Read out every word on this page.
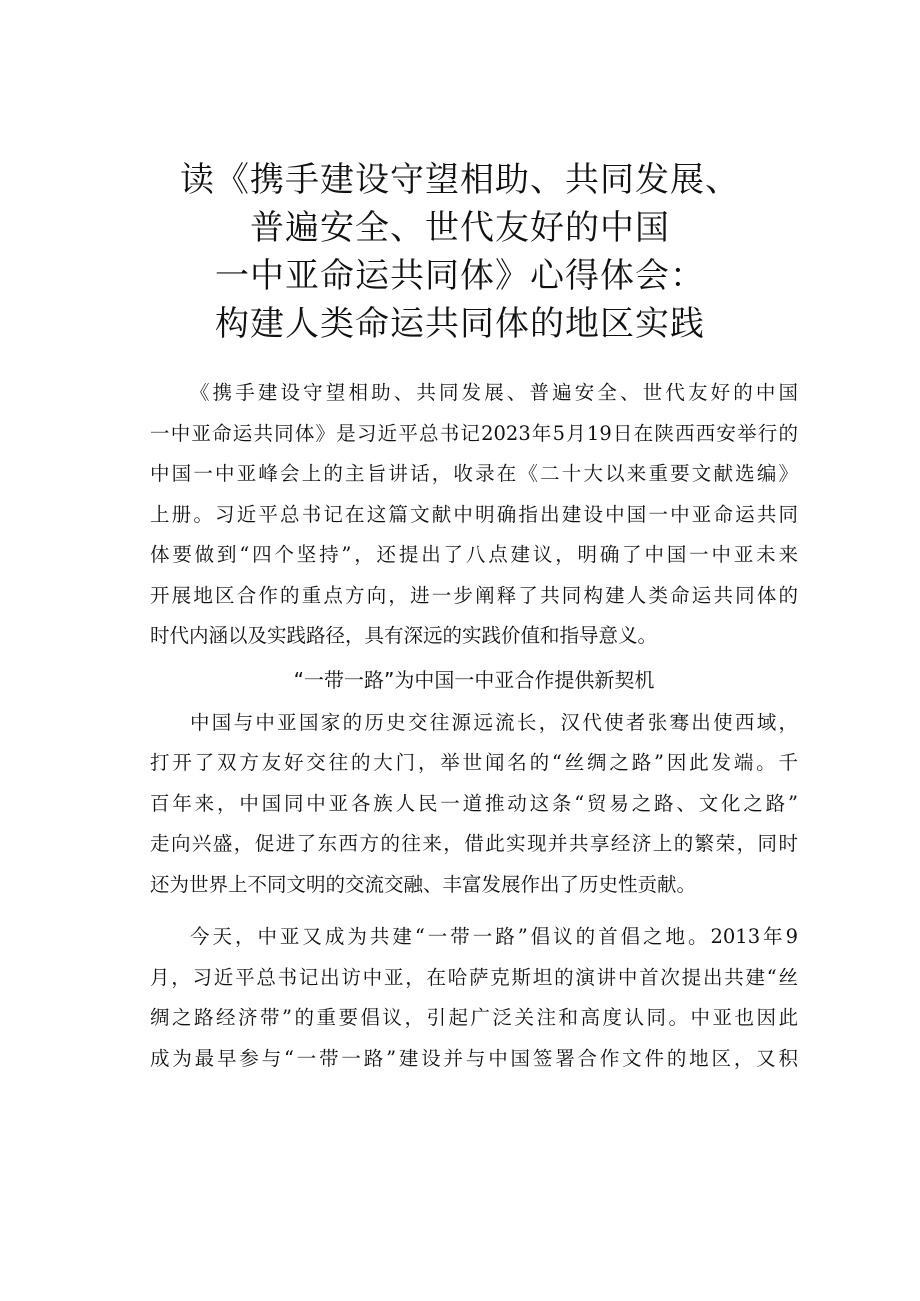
读《携手建设守望相助、共同发展、
普遍安全、世代友好的中国
一中亚命运共同体》心得体会：
构建人类命运共同体的地区实践
《携手建设守望相助、共同发展、普遍安全、世代友好的中国
一中亚命运共同体》是习近平总书记2023年5月19日在陕西西安举行的
中国一中亚峰会上的主旨讲话，收录在《二十大以来重要文献选编》
上册。习近平总书记在这篇文献中明确指出建设中国一中亚命运共同
体要做到“四个坚持”，还提出了八点建议，明确了中国一中亚未来
开展地区合作的重点方向，进一步阐释了共同构建人类命运共同体的
时代内涵以及实践路径，具有深远的实践价值和指导意义。
“一带一路”为中国一中亚合作提供新契机
中国与中亚国家的历史交往源远流长，汉代使者张骞出使西域，
打开了双方友好交往的大门，举世闻名的“丝绸之路”因此发端。千
百年来，中国同中亚各族人民一道推动这条“贸易之路、文化之路”
走向兴盛，促进了东西方的往来，借此实现并共享经济上的繁荣，同时
还为世界上不同文明的交流交融、丰富发展作出了历史性贡献。
今天，中亚又成为共建“一带一路”倡议的首倡之地。2013年9
月，习近平总书记出访中亚，在哈萨克斯坦的演讲中首次提出共建“丝
绸之路经济带”的重要倡议，引起广泛关注和高度认同。中亚也因此
成为最早参与“一带一路”建设并与中国签署合作文件的地区，又积
